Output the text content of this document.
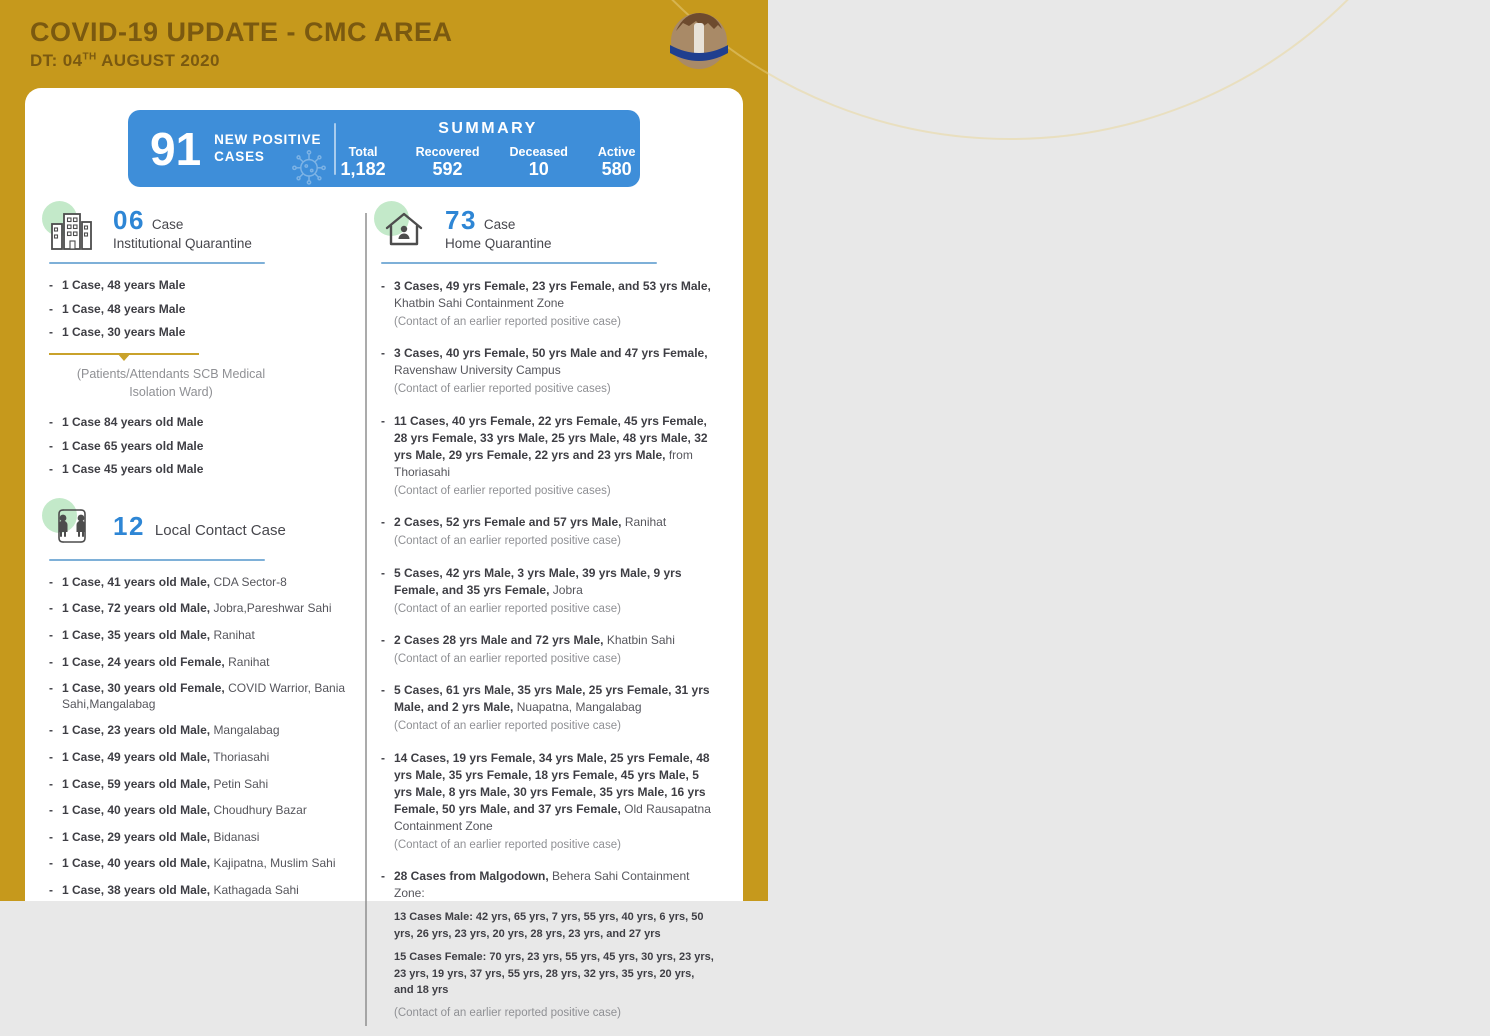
COVID-19 UPDATE - CMC AREA
DT: 04TH AUGUST 2020
91 NEW POSITIVE
CASES
SUMMARY
Total
1,182
Recovered
592
Deceased
10
Active
580
06 Case
Institutional Quarantine
- 1 Case, 48 years Male
- 1 Case, 48 years Male
- 1 Case, 30 years Male
(Patients/Attendants SCB Medical
Isolation Ward)
- 1 Case 84 years old Male
- 1 Case 65 years old Male
- 1 Case 45 years old Male
12 Local Contact Case
- 1 Case, 41 years old Male, CDA Sector-8
- 1 Case, 72 years old Male, Jobra,Pareshwar Sahi
- 1 Case, 35 years old Male, Ranihat
- 1 Case, 24 years old Female, Ranihat
- 1 Case, 30 years old Female, COVID Warrior, Bania Sahi,Mangalabag
- 1 Case, 23 years old Male, Mangalabag
- 1 Case, 49 years old Male, Thoriasahi
- 1 Case, 59 years old Male, Petin Sahi
- 1 Case, 40 years old Male, Choudhury Bazar
- 1 Case, 29 years old Male, Bidanasi
- 1 Case, 40 years old Male, Kajipatna, Muslim Sahi
- 1 Case, 38 years old Male, Kathagada Sahi
73 Case
Home Quarantine
- 3 Cases, 49 yrs Female, 23 yrs Female, and 53 yrs Male, Khatbin Sahi Containment Zone
(Contact of an earlier reported positive case)
- 3 Cases, 40 yrs Female, 50 yrs Male and 47 yrs Female, Ravenshaw University Campus
(Contact of earlier reported positive cases)
- 11 Cases, 40 yrs Female, 22 yrs Female, 45 yrs Female, 28 yrs Female, 33 yrs Male, 25 yrs Male, 48 yrs Male, 32 yrs Male, 29 yrs Female, 22 yrs and 23 yrs Male, from Thoriasahi
(Contact of earlier reported positive cases)
- 2 Cases, 52 yrs Female and 57 yrs Male, Ranihat
(Contact of an earlier reported positive case)
- 5 Cases, 42 yrs Male, 3 yrs Male, 39 yrs Male, 9 yrs Female, and 35 yrs Female, Jobra
(Contact of an earlier reported positive case)
- 2 Cases 28 yrs Male and 72 yrs Male, Khatbin Sahi
(Contact of an earlier reported positive case)
- 5 Cases, 61 yrs Male, 35 yrs Male, 25 yrs Female, 31 yrs Male, and 2 yrs Male, Nuapatna, Mangalabag
(Contact of an earlier reported positive case)
- 14 Cases, 19 yrs Female, 34 yrs Male, 25 yrs Female, 48 yrs Male, 35 yrs Female, 18 yrs Female, 45 yrs Male, 5 yrs Male, 8 yrs Male, 30 yrs Female, 35 yrs Male, 16 yrs Female, 50 yrs Male, and 37 yrs Female, Old Rausapatna Containment Zone
(Contact of an earlier reported positive case)
- 28 Cases from Malgodown, Behera Sahi Containment Zone:
13 Cases Male: 42 yrs, 65 yrs, 7 yrs, 55 yrs, 40 yrs, 6 yrs, 50 yrs, 26 yrs, 23 yrs, 20 yrs, 28 yrs, 23 yrs, and 27 yrs
15 Cases Female: 70 yrs, 23 yrs, 55 yrs, 45 yrs, 30 yrs, 23 yrs, 23 yrs, 19 yrs, 37 yrs, 55 yrs, 28 yrs, 32 yrs, 35 yrs, 20 yrs, and 18 yrs
(Contact of an earlier reported positive case)
